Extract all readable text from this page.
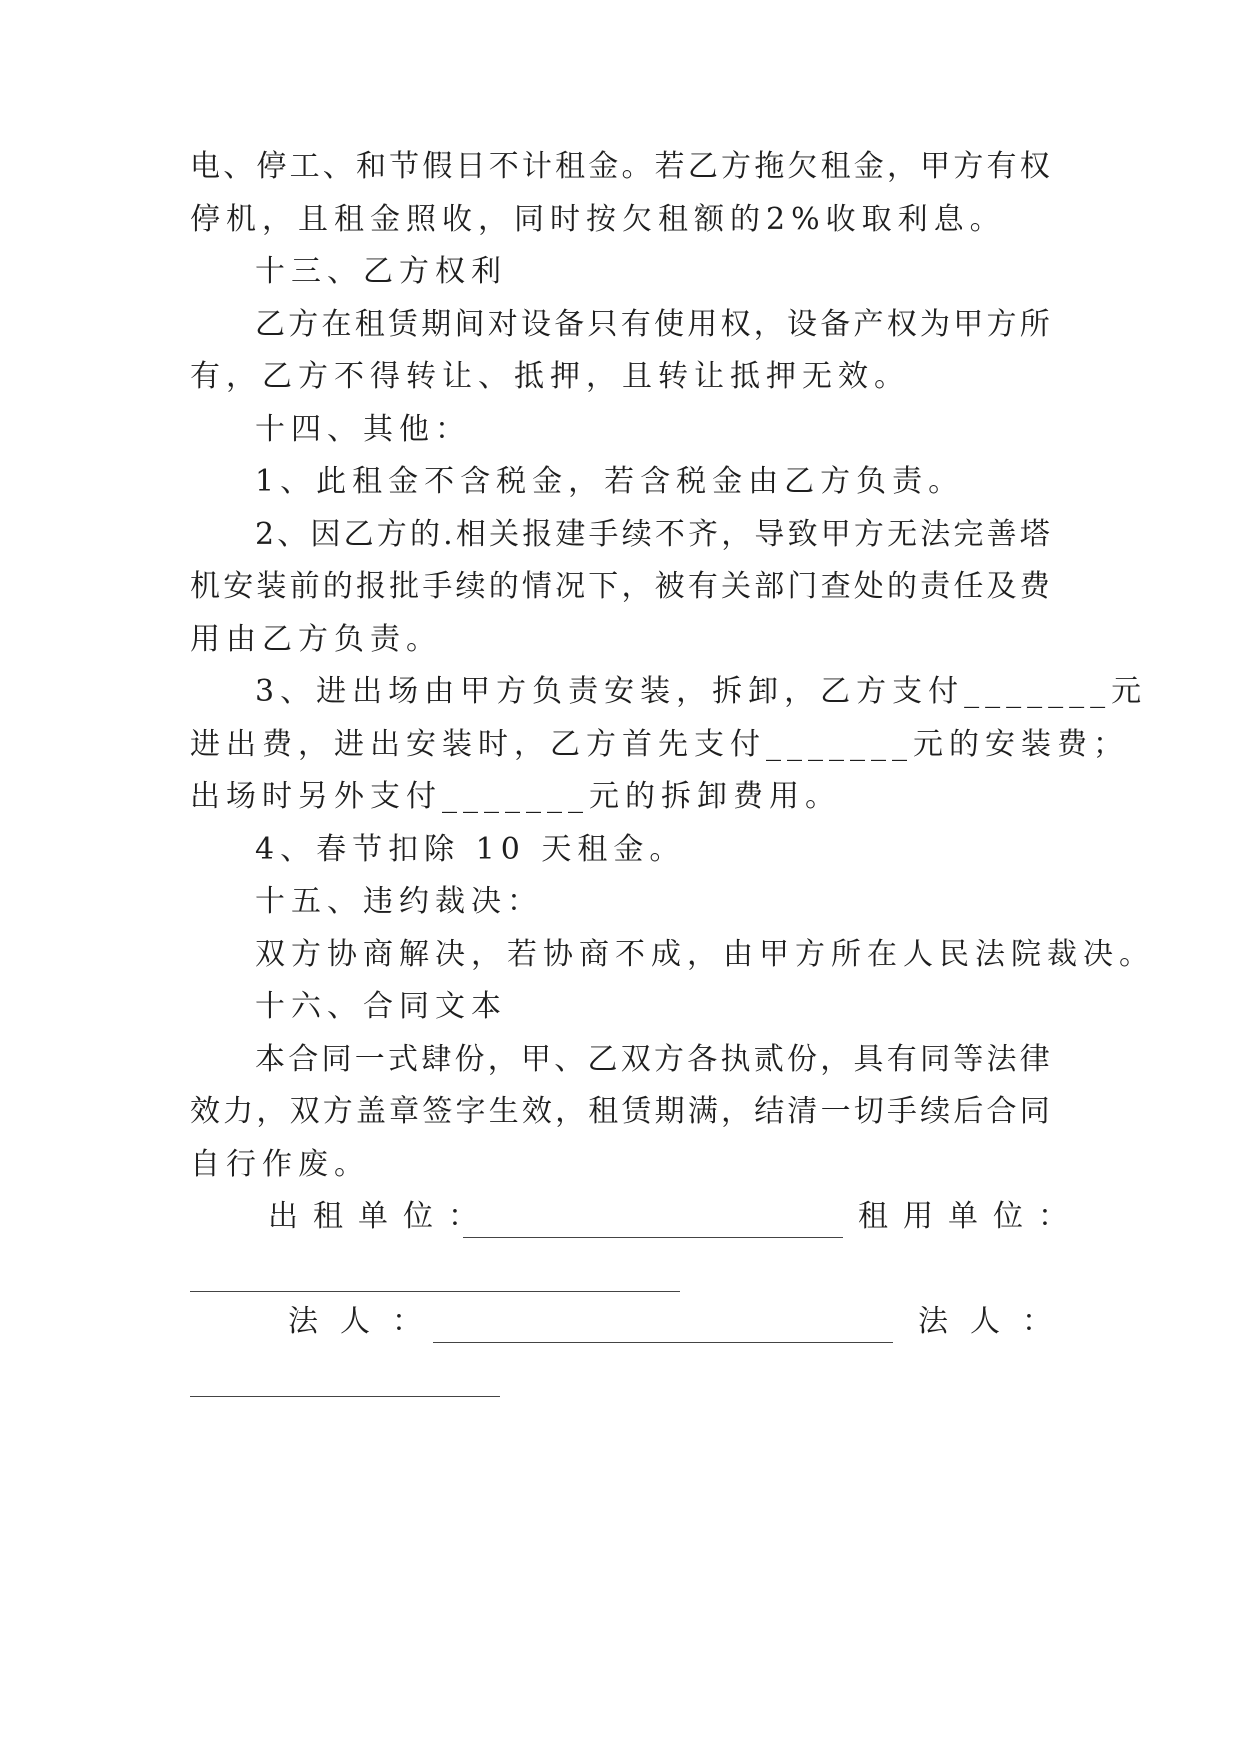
电 、 停 工 、 和 节 假 日 不 计 租 金 。 若 乙 方 拖 欠 租 金 ， 甲 方 有 权
停机，且租金照收，同时按欠租额的2%收取利息。
十三、乙方权利
乙 方 在 租 赁 期 间 对 设 备 只 有 使 用 权 ， 设 备 产 权 为 甲 方 所
有，乙方不得转让、抵押，且转让抵押无效。
十四、其他：
1、此租金不含税金，若含税金由乙方负责。
2 、 因 乙 方 的 . 相 关 报 建 手 续 不 齐 ， 导 致 甲 方 无 法 完 善 塔
机 安 装 前 的 报 批 手 续 的 情 况 下 ， 被 有 关 部 门 查 处 的 责 任 及 费
用由乙方负责。
3、进出场由甲方负责安装，拆卸，乙方支付_______元
进出费，进出安装时，乙方首先支付_______元的安装费；
出场时另外支付_______元的拆卸费用。
4、春节扣除 10 天租金。
十五、违约裁决：
双方协商解决，若协商不成，由甲方所在人民法院裁决。
十六、合同文本
本 合 同 一 式 肆 份 ， 甲 、 乙 双 方 各 执 贰 份 ， 具 有 同 等 法 律
效 力 ， 双 方 盖 章 签 字 生 效 ， 租 赁 期 满 ， 结 清 一 切 手 续 后 合 同
自行作废。
出租单位：	租用单位：
法人：	法人：
